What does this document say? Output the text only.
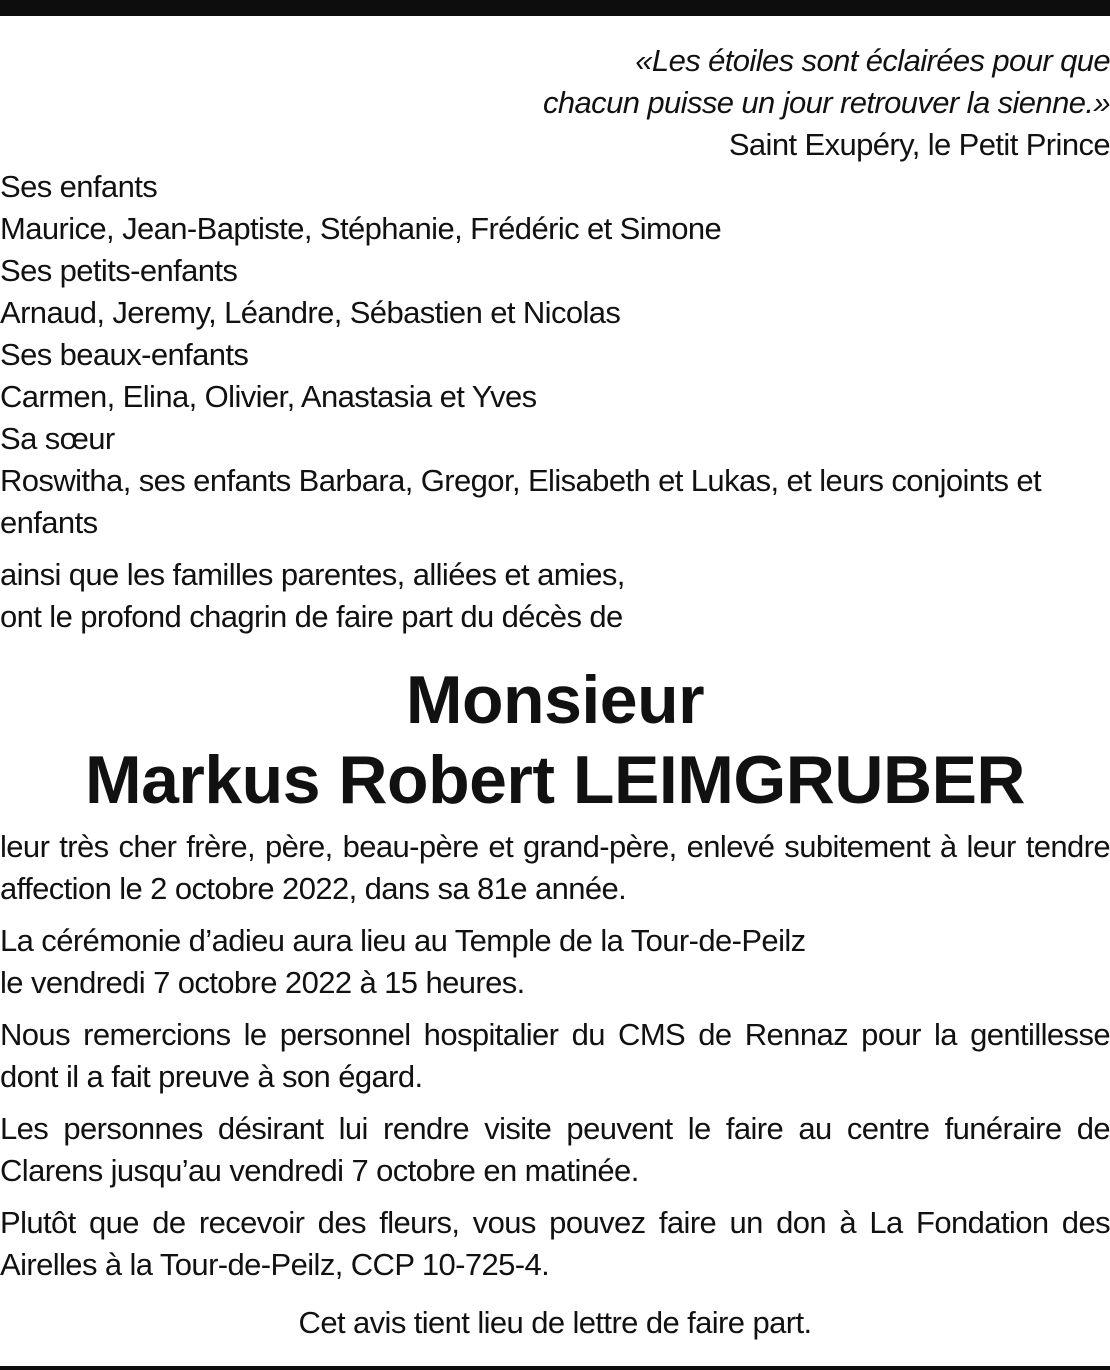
«Les étoiles sont éclairées pour que
chacun puisse un jour retrouver la sienne.»
Saint Exupéry, le Petit Prince
Ses enfants
Maurice, Jean-Baptiste, Stéphanie, Frédéric et Simone
Ses petits-enfants
Arnaud, Jeremy, Léandre, Sébastien et Nicolas
Ses beaux-enfants
Carmen, Elina, Olivier, Anastasia et Yves
Sa sœur
Roswitha, ses enfants Barbara, Gregor, Elisabeth et Lukas, et leurs conjoints et enfants
ainsi que les familles parentes, alliées et amies,
ont le profond chagrin de faire part du décès de
Monsieur
Markus Robert LEIMGRUBER
leur très cher frère, père, beau-père et grand-père, enlevé subitement à leur tendre affection le 2 octobre 2022, dans sa 81e année.
La cérémonie d’adieu aura lieu au Temple de la Tour-de-Peilz
le vendredi 7 octobre 2022 à 15 heures.
Nous remercions le personnel hospitalier du CMS de Rennaz pour la gentillesse dont il a fait preuve à son égard.
Les personnes désirant lui rendre visite peuvent le faire au centre funéraire de Clarens jusqu’au vendredi 7 octobre en matinée.
Plutôt que de recevoir des fleurs, vous pouvez faire un don à La Fondation des Airelles à la Tour-de-Peilz, CCP 10-725-4.
Cet avis tient lieu de lettre de faire part.
